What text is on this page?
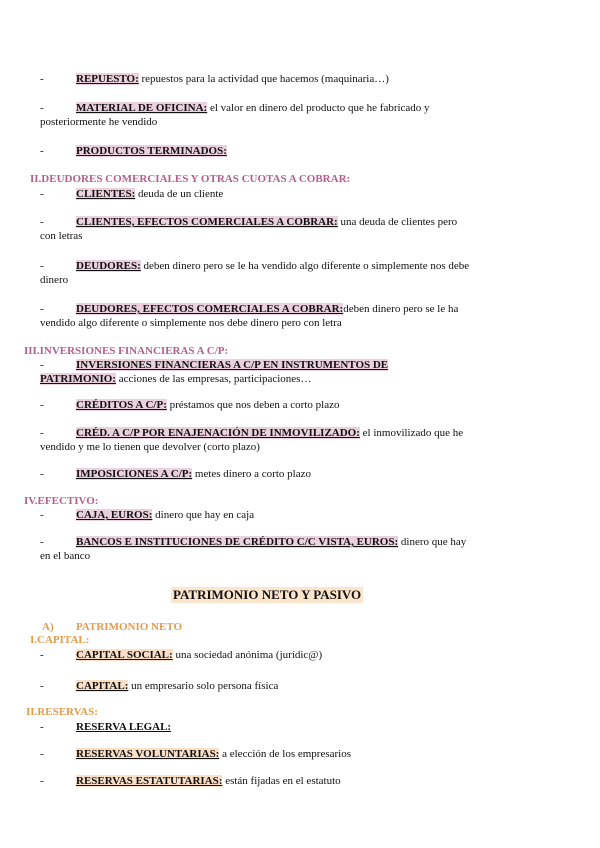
-	REPUESTO: repuestos para la actividad que hacemos (maquinaria…)
-	MATERIAL DE OFICINA: el valor en dinero del producto que he fabricado y
posteriormente he vendido
-	PRODUCTOS TERMINADOS:
II.DEUDORES COMERCIALES Y OTRAS CUOTAS A COBRAR:
-	CLIENTES: deuda de un cliente
-	CLIENTES, EFECTOS COMERCIALES A COBRAR: una deuda de clientes pero
con letras
-	DEUDORES: deben dinero pero se le ha vendido algo diferente o simplemente nos debe
dinero
-	DEUDORES, EFECTOS COMERCIALES A COBRAR:deben dinero pero se le ha
vendido algo diferente o simplemente nos debe dinero pero con letra
III.INVERSIONES FINANCIERAS A C/P:
-	INVERSIONES FINANCIERAS A C/P EN INSTRUMENTOS DE
PATRIMONIO: acciones de las empresas, participaciones…
-	CRÉDITOS A C/P: préstamos que nos deben a corto plazo
-	CRÉD. A C/P POR ENAJENACIÓN DE INMOVILIZADO: el inmovilizado que he
vendido y me lo tienen que devolver (corto plazo)
-	IMPOSICIONES A C/P: metes dinero a corto plazo
IV.EFECTIVO:
-	CAJA, EUROS: dinero que hay en caja
-	BANCOS E INSTITUCIONES DE CRÉDITO C/C VISTA, EUROS: dinero que hay
en el banco
PATRIMONIO NETO Y PASIVO
A) PATRIMONIO NETO
I.CAPITAL:
-	CAPITAL SOCIAL: una sociedad anónima (jurídic@)
-	CAPITAL: un empresario solo persona física
II.RESERVAS:
-	RESERVA LEGAL:
-	RESERVAS VOLUNTARIAS: a elección de los empresarios
-	RESERVAS ESTATUTARIAS: están fijadas en el estatuto
